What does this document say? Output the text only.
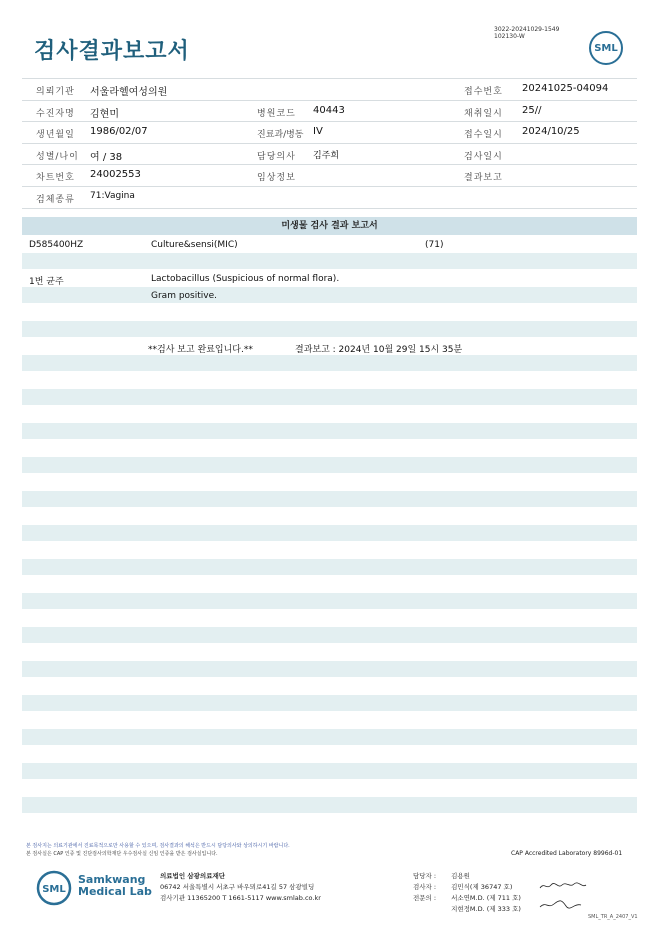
검사결과보고서
3022-20241029-1549
102130-W
SML
의뢰기관 서울라헬여성의원	접수번호 20241025-04094
수진자명 김현미	병원코드 40443	채취일시 25//
생년월일 1986/02/07	진료과/병동 IV	접수일시 2024/10/25
성별/나이 여 / 38	담당의사 김주희	검사일시
차트번호 24002553	임상정보	결과보고
검체종류 71:Vagina
미생물 검사 결과 보고서
D585400HZ	Culture&sensi(MIC)	(71)
1번 균주	Lactobacillus (Suspicious of normal flora).
Gram positive.
**검사 보고 완료입니다.**	결과보고 : 2024년 10월 29일 15시 35분
본 검사지는 의료기관에서 진료목적으로만 사용할 수 있으며, 검사결과의 해석은 반드시 담당의사와 상의하시기 바랍니다.
본 검사실은 CAP 인증 및 진단검사의학재단 우수검사실 신임 인증을 받은 검사실입니다.	CAP Accredited Laboratory 8996d-01
SML
Samkwang
Medical Lab
의료법인 삼광의료재단
06742 서울특별시 서초구 바우뫼로41길 57 삼광빌딩
검사기관 11365200 T 1661-5117 www.smlab.co.kr
담당자 : 김용원
검사자 : 김민식(제 36747 호)
전문의 : 서소연M.D. (제 711 호)
지현정M.D. (제 333 호)
SML_TR_A_2407_V1
